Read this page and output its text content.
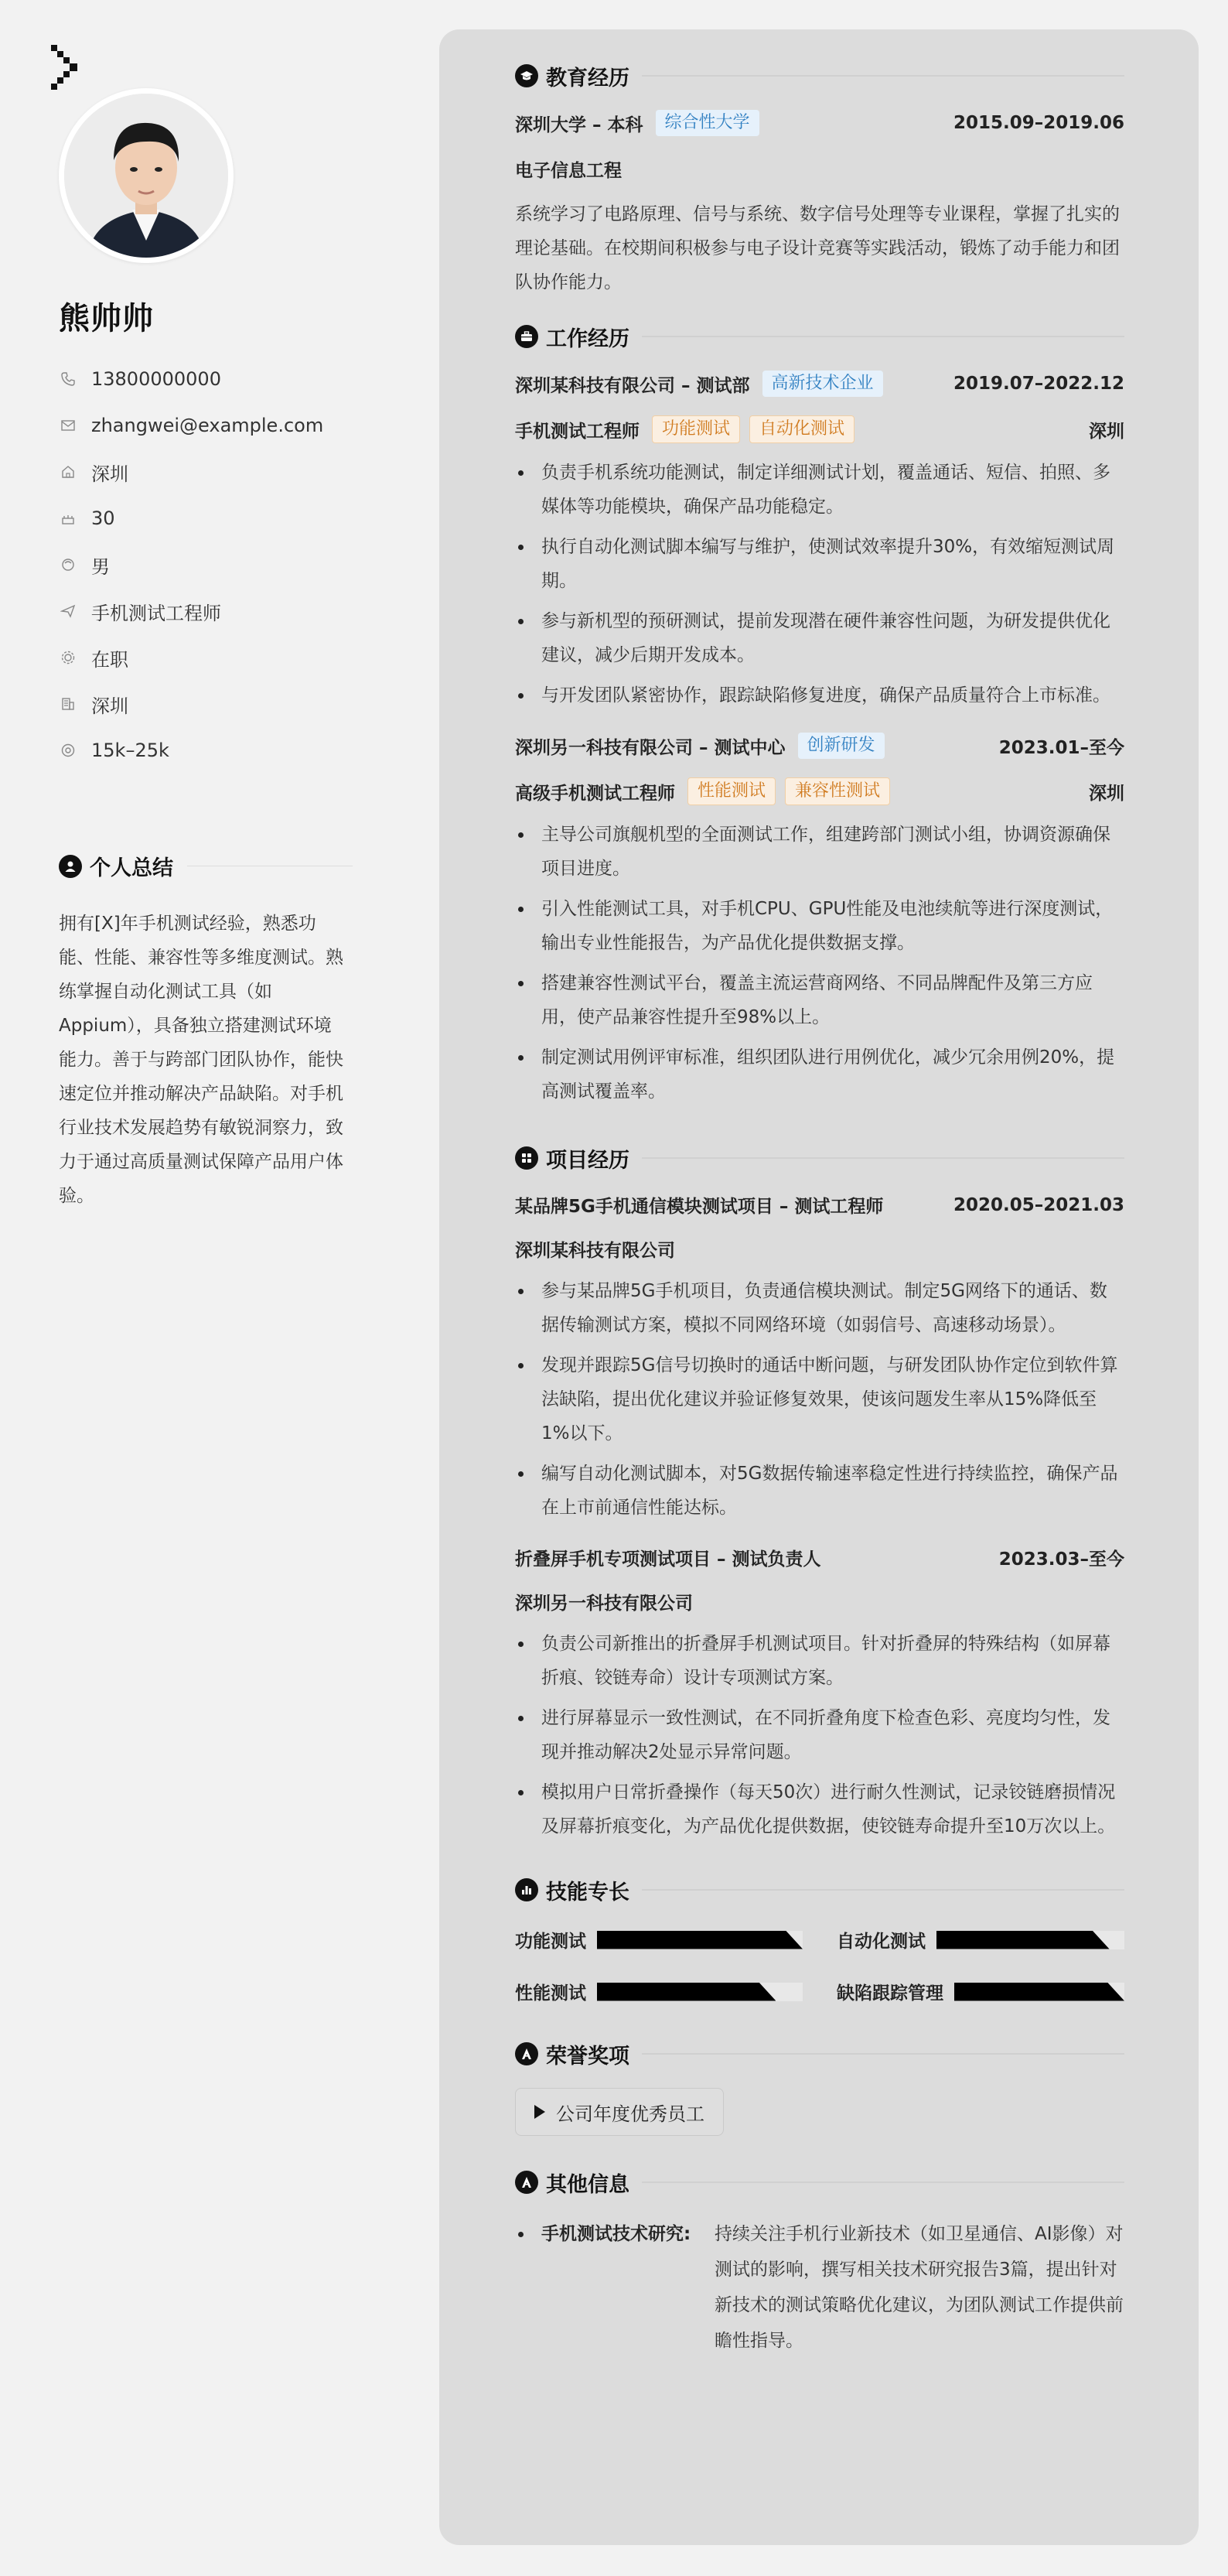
熊帅帅
13800000000
zhangwei@example.com
深圳
30
男
手机测试工程师
在职
深圳
15k–25k
个人总结
拥有[X]年手机测试经验，熟悉功能、性能、兼容性等多维度测试。熟练掌握自动化测试工具（如Appium），具备独立搭建测试环境能力。善于与跨部门团队协作，能快速定位并推动解决产品缺陷。对手机行业技术发展趋势有敏锐洞察力，致力于通过高质量测试保障产品用户体验。
教育经历
深圳大学 – 本科	综合性大学	2015.09–2019.06
电子信息工程
系统学习了电路原理、信号与系统、数字信号处理等专业课程，掌握了扎实的理论基础。在校期间积极参与电子设计竞赛等实践活动，锻炼了动手能力和团队协作能力。
工作经历
深圳某科技有限公司 – 测试部	高新技术企业	2019.07–2022.12
手机测试工程师	功能测试	自动化测试	深圳
负责手机系统功能测试，制定详细测试计划，覆盖通话、短信、拍照、多媒体等功能模块，确保产品功能稳定。
执行自动化测试脚本编写与维护，使测试效率提升30%，有效缩短测试周期。
参与新机型的预研测试，提前发现潜在硬件兼容性问题，为研发提供优化建议，减少后期开发成本。
与开发团队紧密协作，跟踪缺陷修复进度，确保产品质量符合上市标准。
深圳另一科技有限公司 – 测试中心	创新研发	2023.01–至今
高级手机测试工程师	性能测试	兼容性测试	深圳
主导公司旗舰机型的全面测试工作，组建跨部门测试小组，协调资源确保项目进度。
引入性能测试工具，对手机CPU、GPU性能及电池续航等进行深度测试，输出专业性能报告，为产品优化提供数据支撑。
搭建兼容性测试平台，覆盖主流运营商网络、不同品牌配件及第三方应用，使产品兼容性提升至98%以上。
制定测试用例评审标准，组织团队进行用例优化，减少冗余用例20%，提高测试覆盖率。
项目经历
某品牌5G手机通信模块测试项目 – 测试工程师	2020.05–2021.03
深圳某科技有限公司
参与某品牌5G手机项目，负责通信模块测试。制定5G网络下的通话、数据传输测试方案，模拟不同网络环境（如弱信号、高速移动场景）。
发现并跟踪5G信号切换时的通话中断问题，与研发团队协作定位到软件算法缺陷，提出优化建议并验证修复效果，使该问题发生率从15%降低至1%以下。
编写自动化测试脚本，对5G数据传输速率稳定性进行持续监控，确保产品在上市前通信性能达标。
折叠屏手机专项测试项目 – 测试负责人	2023.03–至今
深圳另一科技有限公司
负责公司新推出的折叠屏手机测试项目。针对折叠屏的特殊结构（如屏幕折痕、铰链寿命）设计专项测试方案。
进行屏幕显示一致性测试，在不同折叠角度下检查色彩、亮度均匀性，发现并推动解决2处显示异常问题。
模拟用户日常折叠操作（每天50次）进行耐久性测试，记录铰链磨损情况及屏幕折痕变化，为产品优化提供数据，使铰链寿命提升至10万次以上。
技能专长
功能测试	自动化测试
性能测试	缺陷跟踪管理
荣誉奖项
公司年度优秀员工
其他信息
手机测试技术研究:	持续关注手机行业新技术（如卫星通信、AI影像）对测试的影响，撰写相关技术研究报告3篇，提出针对新技术的测试策略优化建议，为团队测试工作提供前瞻性指导。
